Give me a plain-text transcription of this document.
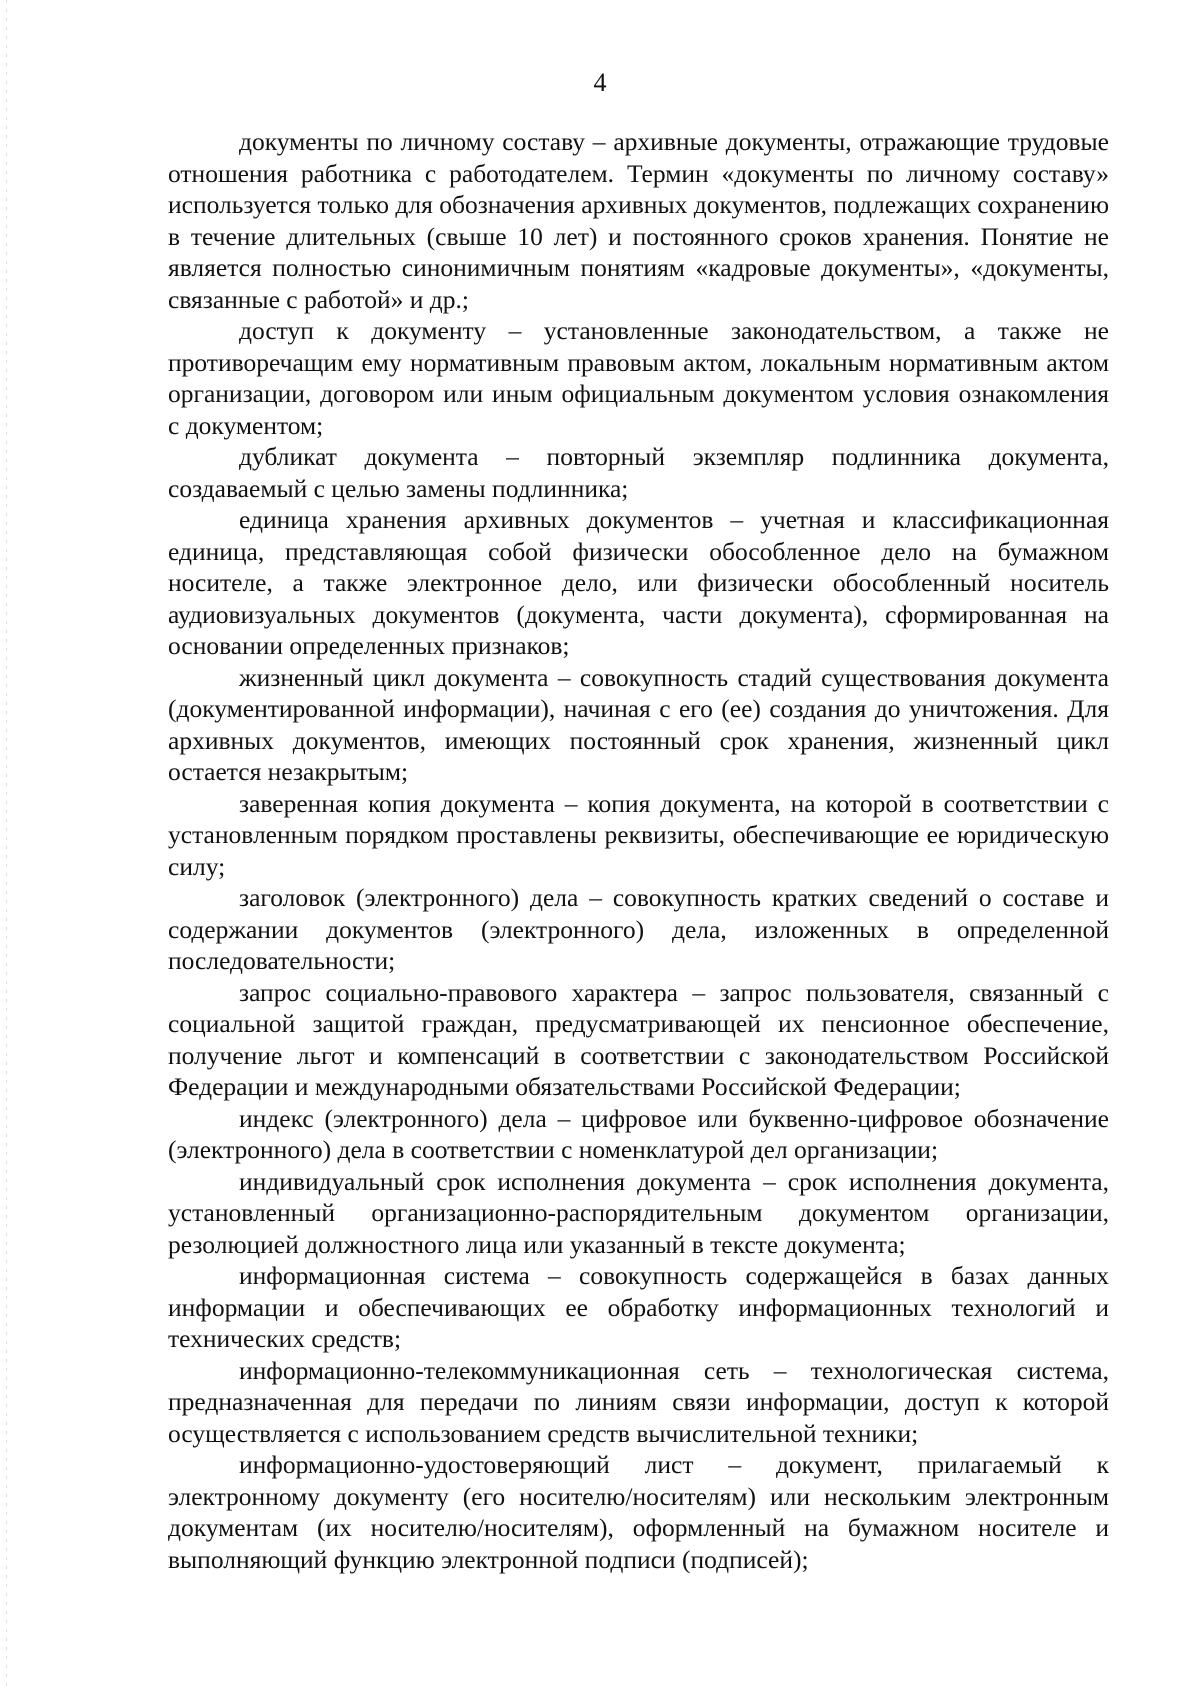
4

документы по личному составу – архивные документы, отражающие трудовые отношения работника с работодателем. Термин «документы по личному составу» используется только для обозначения архивных документов, подлежащих сохранению в течение длительных (свыше 10 лет) и постоянного сроков хранения. Понятие не является полностью синонимичным понятиям «кадровые документы», «документы, связанные с работой» и др.;

доступ к документу – установленные законодательством, а также не противоречащим ему нормативным правовым актом, локальным нормативным актом организации, договором или иным официальным документом условия ознакомления с документом;

дубликат документа – повторный экземпляр подлинника документа, создаваемый с целью замены подлинника;

единица хранения архивных документов – учетная и классификационная единица, представляющая собой физически обособленное дело на бумажном носителе, а также электронное дело, или физически обособленный носитель аудиовизуальных документов (документа, части документа), сформированная на основании определенных признаков;

жизненный цикл документа – совокупность стадий существования документа (документированной информации), начиная с его (ее) создания до уничтожения. Для архивных документов, имеющих постоянный срок хранения, жизненный цикл остается незакрытым;

заверенная копия документа – копия документа, на которой в соответствии с установленным порядком проставлены реквизиты, обеспечивающие ее юридическую силу;

заголовок (электронного) дела – совокупность кратких сведений о составе и содержании документов (электронного) дела, изложенных в определенной последовательности;

запрос социально-правового характера – запрос пользователя, связанный с социальной защитой граждан, предусматривающей их пенсионное обеспечение, получение льгот и компенсаций в соответствии с законодательством Российской Федерации и международными обязательствами Российской Федерации;

индекс (электронного) дела – цифровое или буквенно-цифровое обозначение (электронного) дела в соответствии с номенклатурой дел организации;

индивидуальный срок исполнения документа – срок исполнения документа, установленный организационно-распорядительным документом организации, резолюцией должностного лица или указанный в тексте документа;

информационная система – совокупность содержащейся в базах данных информации и обеспечивающих ее обработку информационных технологий и технических средств;

информационно-телекоммуникационная сеть – технологическая система, предназначенная для передачи по линиям связи информации, доступ к которой осуществляется с использованием средств вычислительной техники;

информационно-удостоверяющий лист – документ, прилагаемый к электронному документу (его носителю/носителям) или нескольким электронным документам (их носителю/носителям), оформленный на бумажном носителе и выполняющий функцию электронной подписи (подписей);
